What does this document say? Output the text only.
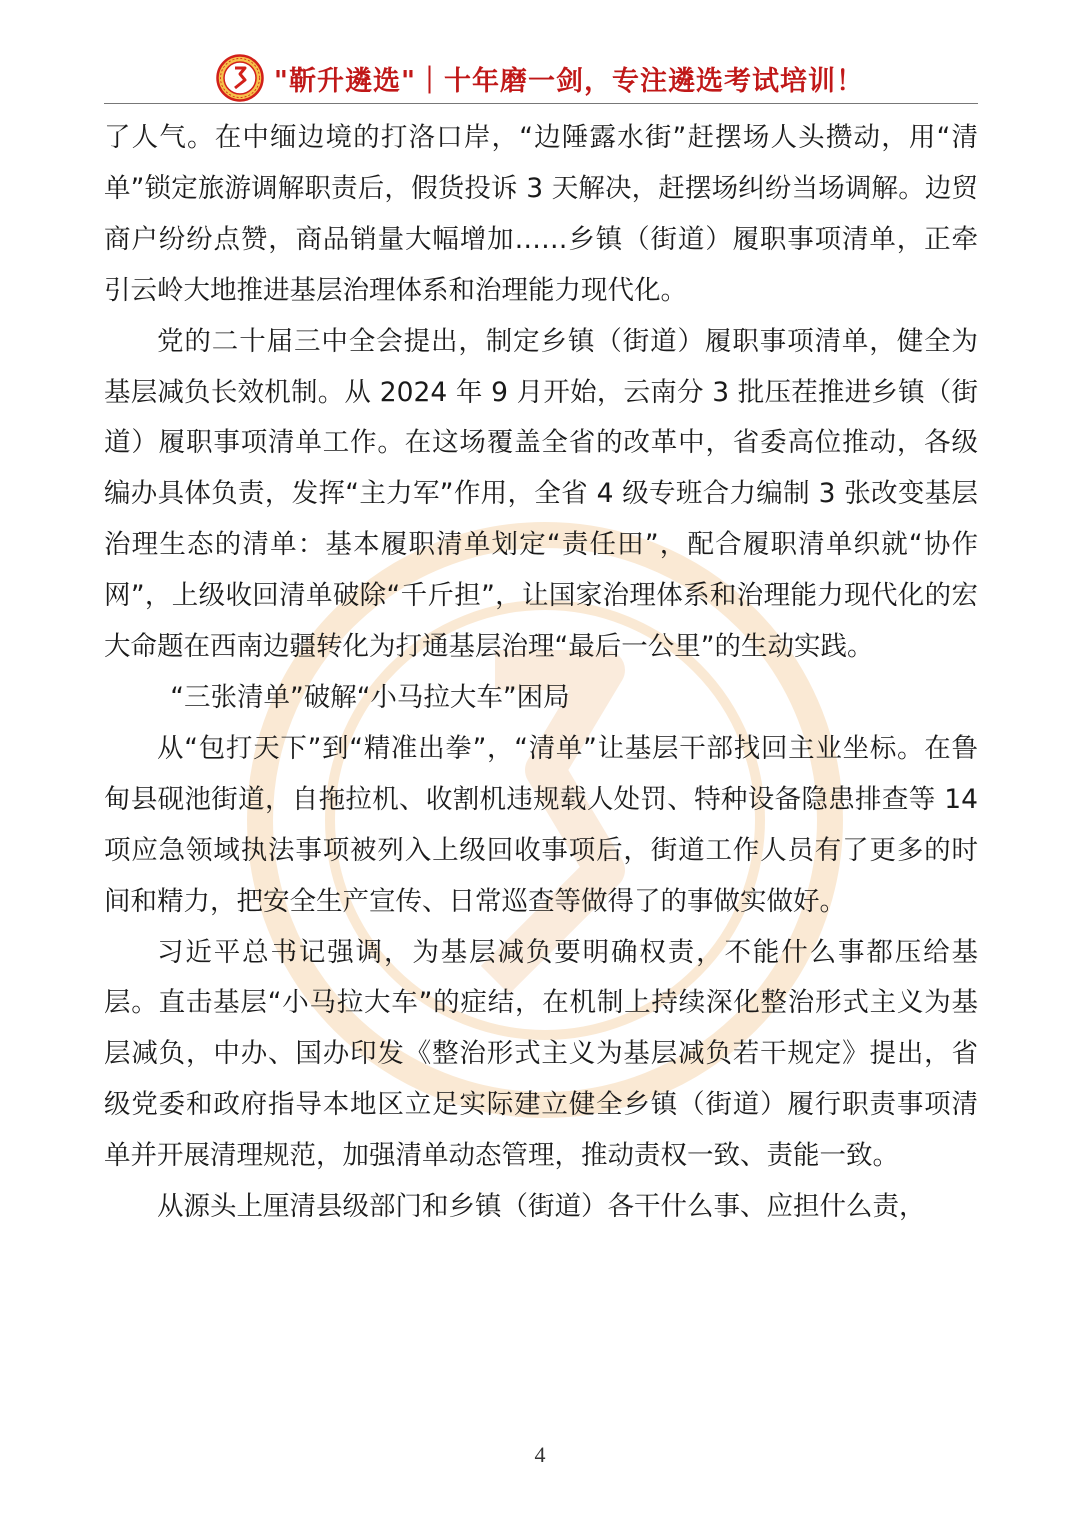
"靳升遴选"｜十年磨一剑，专注遴选考试培训！

了人气。在中缅边境的打洛口岸，“边陲露水街”赶摆场人头攒动，用“清单”锁定旅游调解职责后，假货投诉 3 天解决，赶摆场纠纷当场调解。边贸商户纷纷点赞，商品销量大幅增加……乡镇（街道）履职事项清单，正牵引云岭大地推进基层治理体系和治理能力现代化。

党的二十届三中全会提出，制定乡镇（街道）履职事项清单，健全为基层减负长效机制。从 2024 年 9 月开始，云南分 3 批压茬推进乡镇（街道）履职事项清单工作。在这场覆盖全省的改革中，省委高位推动，各级编办具体负责，发挥“主力军”作用，全省 4 级专班合力编制 3 张改变基层治理生态的清单：基本履职清单划定“责任田”，配合履职清单织就“协作网”，上级收回清单破除“千斤担”，让国家治理体系和治理能力现代化的宏大命题在西南边疆转化为打通基层治理“最后一公里”的生动实践。

“三张清单”破解“小马拉大车”困局

从“包打天下”到“精准出拳”，“清单”让基层干部找回主业坐标。在鲁甸县砚池街道，自拖拉机、收割机违规载人处罚、特种设备隐患排查等 14 项应急领域执法事项被列入上级回收事项后，街道工作人员有了更多的时间和精力，把安全生产宣传、日常巡查等做得了的事做实做好。

习近平总书记强调，为基层减负要明确权责，不能什么事都压给基层。直击基层“小马拉大车”的症结，在机制上持续深化整治形式主义为基层减负，中办、国办印发《整治形式主义为基层减负若干规定》提出，省级党委和政府指导本地区立足实际建立健全乡镇（街道）履行职责事项清单并开展清理规范，加强清单动态管理，推动责权一致、责能一致。

从源头上厘清县级部门和乡镇（街道）各干什么事、应担什么责，

4
